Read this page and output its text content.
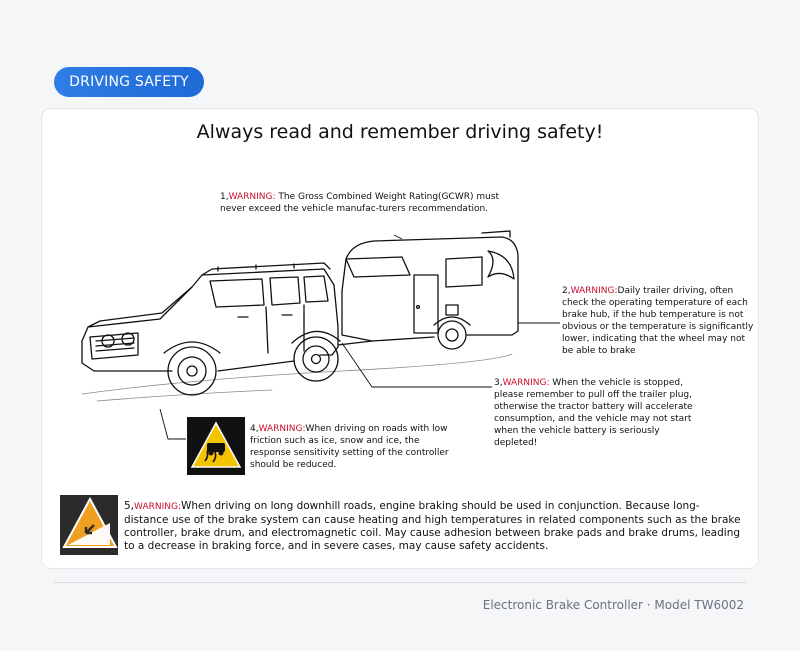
DRIVING SAFETY
Always read and remember driving safety!

1,WARNING: The Gross Combined Weight Rating(GCWR) must never exceed the vehicle manufac-turers recommendation.

2,WARNING:Daily trailer driving, often check the operating temperature of each brake hub, if the hub temperature is not obvious or the temperature is significantly lower, indicating that the wheel may not be able to brake

3,WARNING: When the vehicle is stopped, please remember to pull off the trailer plug, otherwise the tractor battery will accelerate consumption, and the vehicle may not start when the vehicle battery is seriously depleted!

4,WARNING:When driving on roads with low friction such as ice, snow and ice, the response sensitivity setting of the controller should be reduced.

5,WARNING:When driving on long downhill roads, engine braking should be used in conjunction. Because long-distance use of the brake system can cause heating and high temperatures in related components such as the brake controller, brake drum, and electromagnetic coil. May cause adhesion between brake pads and brake drums, leading to a decrease in braking force, and in severe cases, may cause safety accidents.

Electronic Brake Controller · Model TW6002
